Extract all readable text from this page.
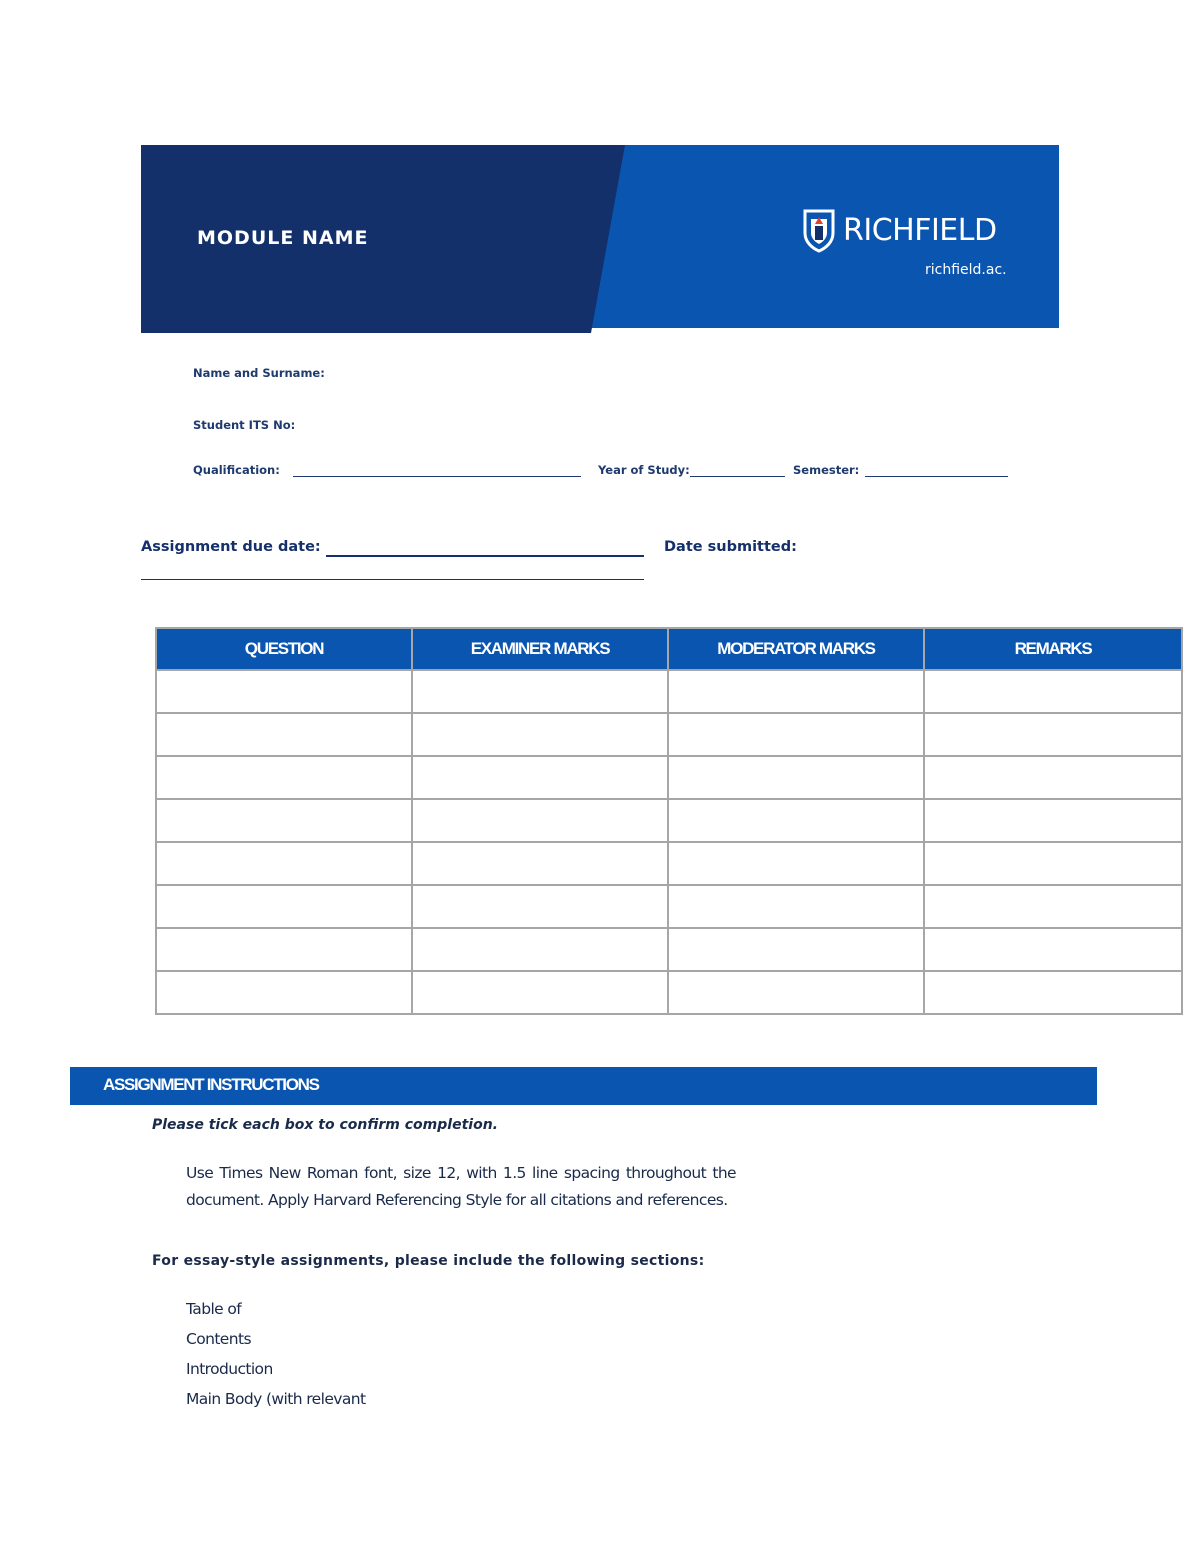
MODULE NAME	RICHFIELD
richfield.ac.
Name and Surname:
Student ITS No:
Qualification:	Year of Study:	Semester:
Assignment due date:	Date submitted:
QUESTION	EXAMINER MARKS	MODERATOR MARKS	REMARKS

ASSIGNMENT INSTRUCTIONS
Please tick each box to confirm completion.
Use Times New Roman font, size 12, with 1.5 line spacing throughout the document. Apply Harvard Referencing Style for all citations and references.
For essay-style assignments, please include the following sections:
Table of
Contents
Introduction
Main Body (with relevant
